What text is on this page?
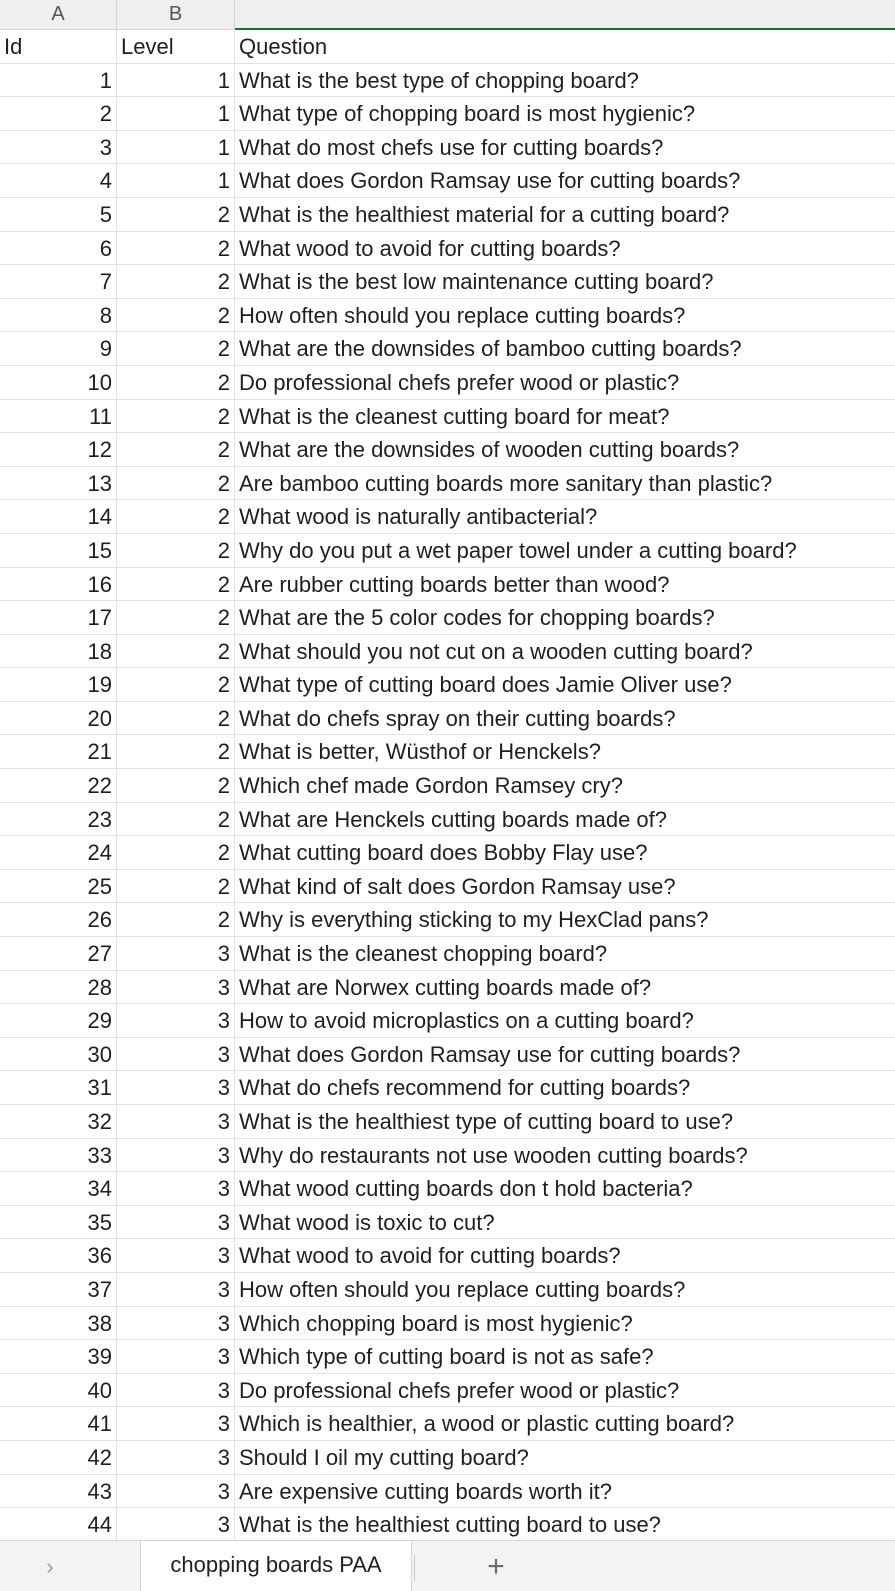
A	B
Id	Level	Question
1	1 What is the best type of chopping board?
2	1 What type of chopping board is most hygienic?
3	1 What do most chefs use for cutting boards?
4	1 What does Gordon Ramsay use for cutting boards?
5	2 What is the healthiest material for a cutting board?
6	2 What wood to avoid for cutting boards?
7	2 What is the best low maintenance cutting board?
8	2 How often should you replace cutting boards?
9	2 What are the downsides of bamboo cutting boards?
10	2 Do professional chefs prefer wood or plastic?
11	2 What is the cleanest cutting board for meat?
12	2 What are the downsides of wooden cutting boards?
13	2 Are bamboo cutting boards more sanitary than plastic?
14	2 What wood is naturally antibacterial?
15	2 Why do you put a wet paper towel under a cutting board?
16	2 Are rubber cutting boards better than wood?
17	2 What are the 5 color codes for chopping boards?
18	2 What should you not cut on a wooden cutting board?
19	2 What type of cutting board does Jamie Oliver use?
20	2 What do chefs spray on their cutting boards?
21	2 What is better, Wüsthof or Henckels?
22	2 Which chef made Gordon Ramsey cry?
23	2 What are Henckels cutting boards made of?
24	2 What cutting board does Bobby Flay use?
25	2 What kind of salt does Gordon Ramsay use?
26	2 Why is everything sticking to my HexClad pans?
27	3 What is the cleanest chopping board?
28	3 What are Norwex cutting boards made of?
29	3 How to avoid microplastics on a cutting board?
30	3 What does Gordon Ramsay use for cutting boards?
31	3 What do chefs recommend for cutting boards?
32	3 What is the healthiest type of cutting board to use?
33	3 Why do restaurants not use wooden cutting boards?
34	3 What wood cutting boards don t hold bacteria?
35	3 What wood is toxic to cut?
36	3 What wood to avoid for cutting boards?
37	3 How often should you replace cutting boards?
38	3 Which chopping board is most hygienic?
39	3 Which type of cutting board is not as safe?
40	3 Do professional chefs prefer wood or plastic?
41	3 Which is healthier, a wood or plastic cutting board?
42	3 Should I oil my cutting board?
43	3 Are expensive cutting boards worth it?
44	3 What is the healthiest cutting board to use?
›	chopping boards PAA	+
